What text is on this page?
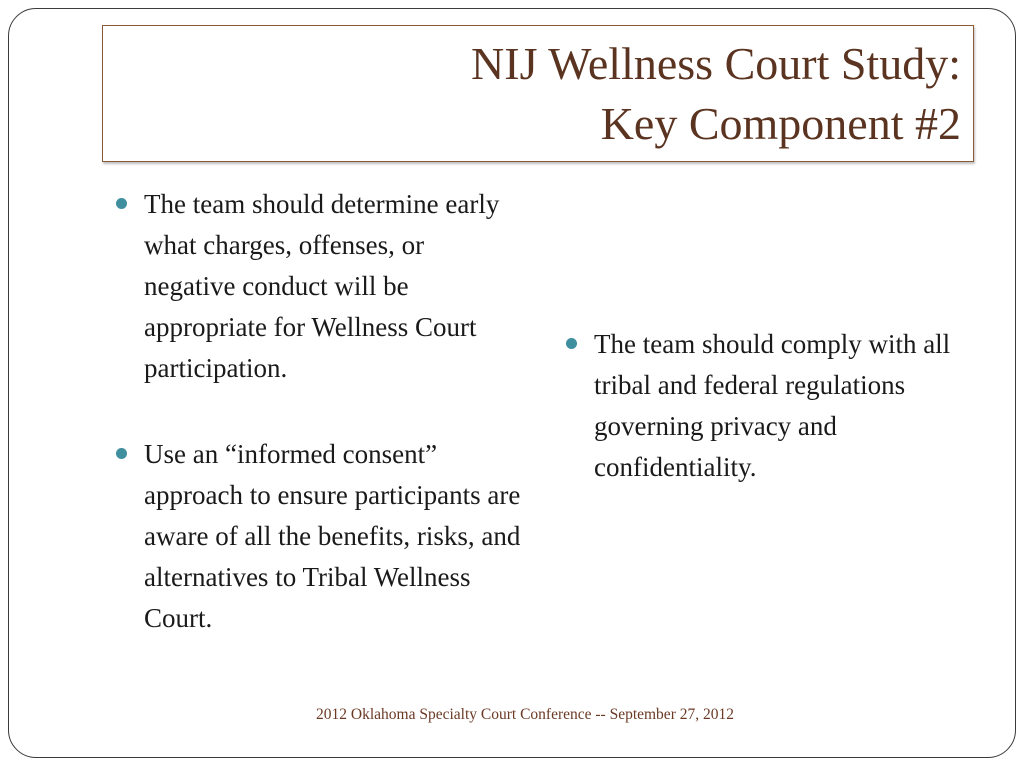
NIJ Wellness Court Study:
Key Component #2
The team should determine early what charges, offenses, or negative conduct will be appropriate for Wellness Court participation.
Use an “informed consent” approach to ensure participants are aware of all the benefits, risks, and alternatives to Tribal Wellness Court.
The team should comply with all tribal and federal regulations governing privacy and confidentiality.
2012 Oklahoma Specialty Court Conference -- September 27, 2012
